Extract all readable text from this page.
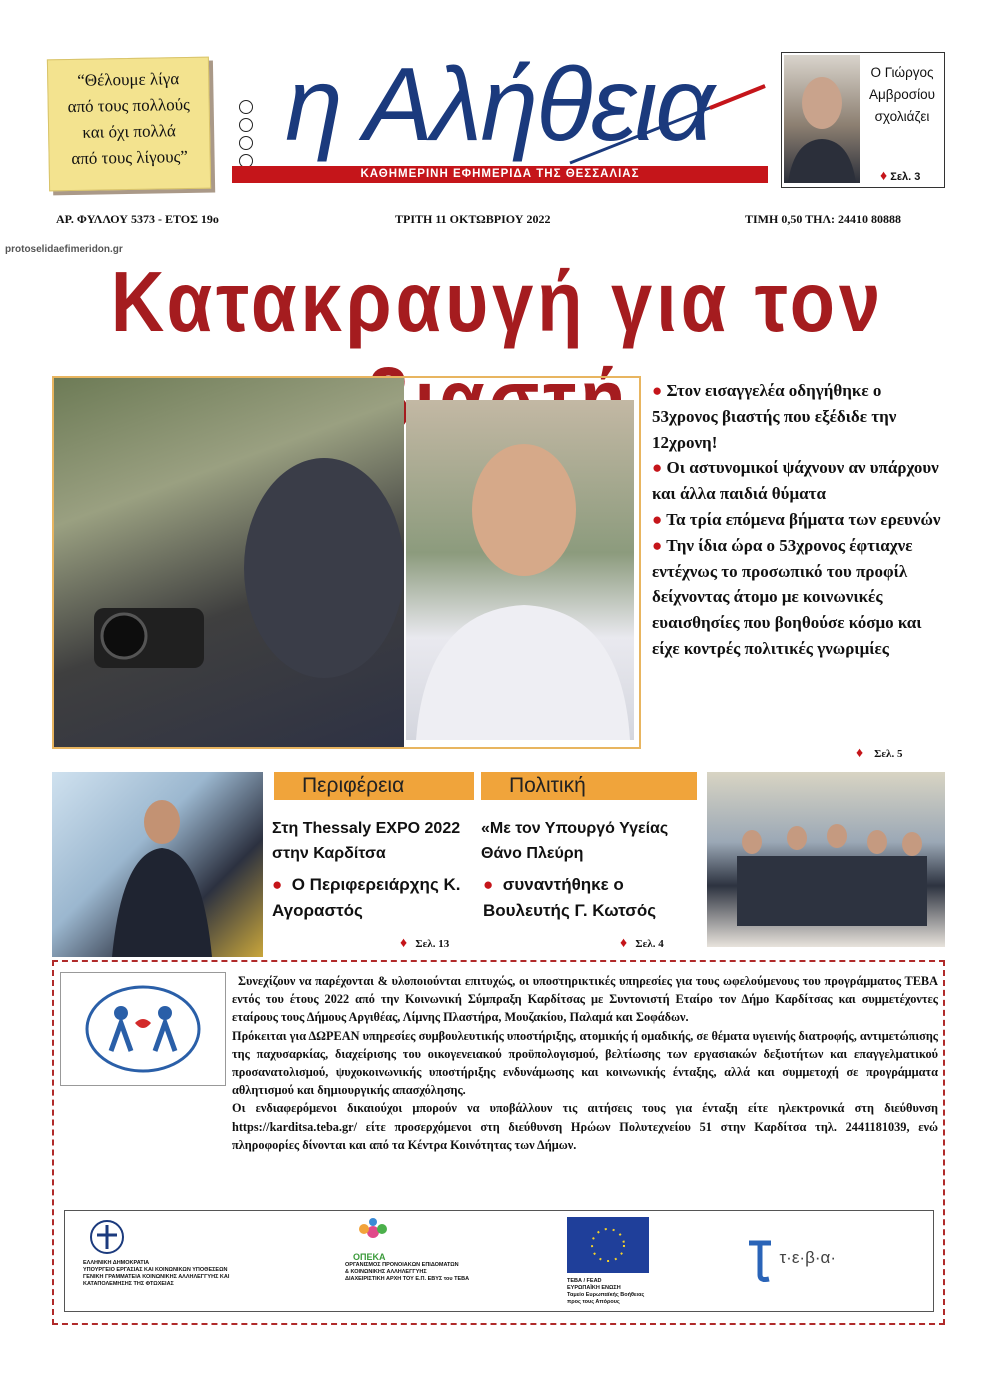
“Θέλουμε λίγα
από τους πολλούς
και όχι πολλά
από τους λίγους” η Αλήθεια
ΚΑΘΗΜΕΡΙΝΗ ΕΦΗΜΕΡΙΔΑ ΤΗΣ ΘΕΣΣΑΛΙΑΣ
Ο Γιώργος
Αμβροσίου
σχολιάζει
♦ Σελ. 3
ΑΡ. ΦΥΛΛΟΥ 5373 - ΕΤΟΣ 19ο	ΤΡΙΤΗ 11 ΟΚΤΩΒΡΙΟΥ 2022	ΤΙΜΗ 0,50 ΤΗΛ: 24410 80888
protoselidaefimeridon.gr
Κατακραυγή για τον

● Στον εισαγγελέα οδηγήθηκε ο 53χρονος βιαστής που εξέδιδε την 12χρονη!

● Οι αστυνομικοί ψάχνουν αν υπάρχουν και άλλα παιδιά θύματα

● Τα τρία επόμενα βήματα των ερευνών

● Την ίδια ώρα ο 53χρονος έφτιαχνε εντέχνως το προσωπικό του προφίλ δείχνοντας άτομο με κοινωνικές ευαισθησίες που βοηθούσε κόσμο και είχε κοντρές πολιτικές γνωριμίες

♦ Σελ. 5
Περιφέρεια
Στη Thessaly EXPO 2022 στην Καρδίτσα
● Ο Περιφερειάρχης Κ. Αγοραστός
♦ Σελ. 13
Πολιτική
«Με τον Υπουργό Υγείας Θάνο Πλεύρη
● συναντήθηκε ο Βουλευτής Γ. Κωτσός
♦ Σελ. 4

Συνεχίζουν να παρέχονται & υλοποιούνται επιτυχώς, οι υποστηρικτικές υπηρεσίες για τους ωφελούμενους του προγράμματος ΤΕΒΑ εντός του έτους 2022 από την Κοινωνική Σύμπραξη Καρδίτσας με Συντονιστή Εταίρο τον Δήμο Καρδίτσας και συμμετέχοντες εταίρους τους Δήμους Αργιθέας, Λίμνης Πλαστήρα, Μουζακίου, Παλαμά και Σοφάδων.

Πρόκειται για ΔΩΡΕΑΝ υπηρεσίες συμβουλευτικής υποστήριξης, ατομικής ή ομαδικής, σε θέματα υγιεινής διατροφής, αντιμετώπισης της παχυσαρκίας, διαχείρισης του οικογενειακού προϋπολογισμού, βελτίωσης των εργασιακών δεξιοτήτων και επαγγελματικού προσανατολισμού, ψυχοκοινωνικής υποστήριξης ενδυνάμωσης και κοινωνικής ένταξης, αλλά και συμμετοχή σε προγράμματα αθλητισμού και δημιουργικής απασχόλησης.

Οι ενδιαφερόμενοι δικαιούχοι μπορούν να υποβάλλουν τις αιτήσεις τους για ένταξη είτε ηλεκτρονικά στη διεύθυνση https://karditsa.teba.gr/ είτε προσερχόμενοι στη διεύθυνση Ηρώων Πολυτεχνείου 51 στην Καρδίτσα τηλ. 2441181039, ενώ πληροφορίες δίνονται και από τα Κέντρα Κοινότητας των Δήμων.

ΕΛΛΗΝΙΚΗ ΔΗΜΟΚΡΑΤΙΑ
ΥΠΟΥΡΓΕΙΟ ΕΡΓΑΣΙΑΣ ΚΑΙ ΚΟΙΝΩΝΙΚΩΝ ΥΠΟΘΕΣΕΩΝ
ΓΕΝΙΚΗ ΓΡΑΜΜΑΤΕΙΑ ΚΟΙΝΩΝΙΚΗΣ ΑΛΛΗΛΕΓΓΥΗΣ ΚΑΙ
ΚΑΤΑΠΟΛΕΜΗΣΗΣ ΤΗΣ ΦΤΩΧΕΙΑΣ
ΟΠΕΚΑ
ΟΡΓΑΝΙΣΜΟΣ ΠΡΟΝΟΙΑΚΩΝ ΕΠΙΔΟΜΑΤΩΝ
& ΚΟΙΝΩΝΙΚΗΣ ΑΛΛΗΛΕΓΓΥΗΣ
ΔΙΑΧΕΙΡΙΣΤΙΚΗ ΑΡΧΗ ΤΟΥ Ε.Π. ΕΒΥΣ του ΤΕΒΑ	ΤΕΒΑ / FEAD
ΕΥΡΩΠΑΪΚΗ ΕΝΩΣΗ
Ταμείο Ευρωπαϊκής Βοήθειας
προς τους Απόρους
τ·ε·β·α·
